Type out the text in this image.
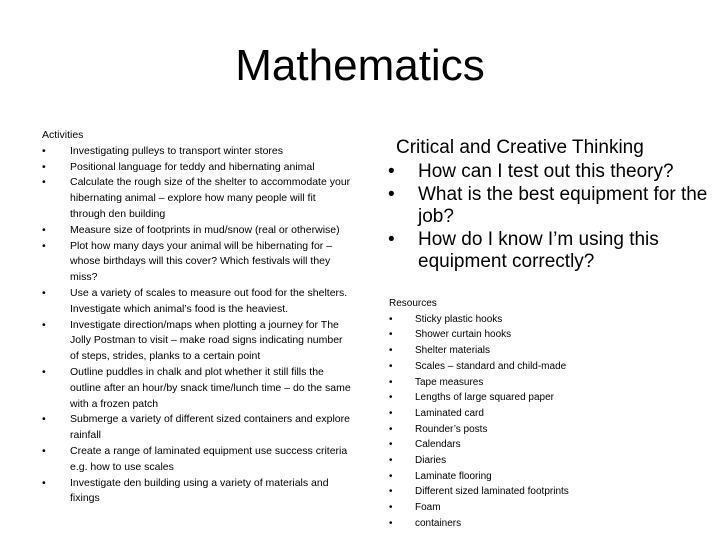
Mathematics

Activities

• Investigating pulleys to transport winter stores
• Positional language for teddy and hibernating animal
• Calculate the rough size of the shelter to accommodate your hibernating animal – explore how many people will fit through den building
• Measure size of footprints in mud/snow (real or otherwise)
• Plot how many days your animal will be hibernating for – whose birthdays will this cover? Which festivals will they miss?
• Use a variety of scales to measure out food for the shelters. Investigate which animal’s food is the heaviest.
• Investigate direction/maps when plotting a journey for The Jolly Postman to visit – make road signs indicating number of steps, strides, planks to a certain point
• Outline puddles in chalk and plot whether it still fills the outline after an hour/by snack time/lunch time – do the same with a frozen patch
• Submerge a variety of different sized containers and explore rainfall
• Create a range of laminated equipment use success criteria e.g. how to use scales
• Investigate den building using a variety of materials and fixings

Critical and Creative Thinking

• How can I test out this theory?
• What is the best equipment for the job?
• How do I know I’m using this equipment correctly?

Resources

• Sticky plastic hooks
• Shower curtain hooks
• Shelter materials
• Scales – standard and child-made
• Tape measures
• Lengths of large squared paper
• Laminated card
• Rounder’s posts
• Calendars
• Diaries
• Laminate flooring
• Different sized laminated footprints
• Foam
• containers
